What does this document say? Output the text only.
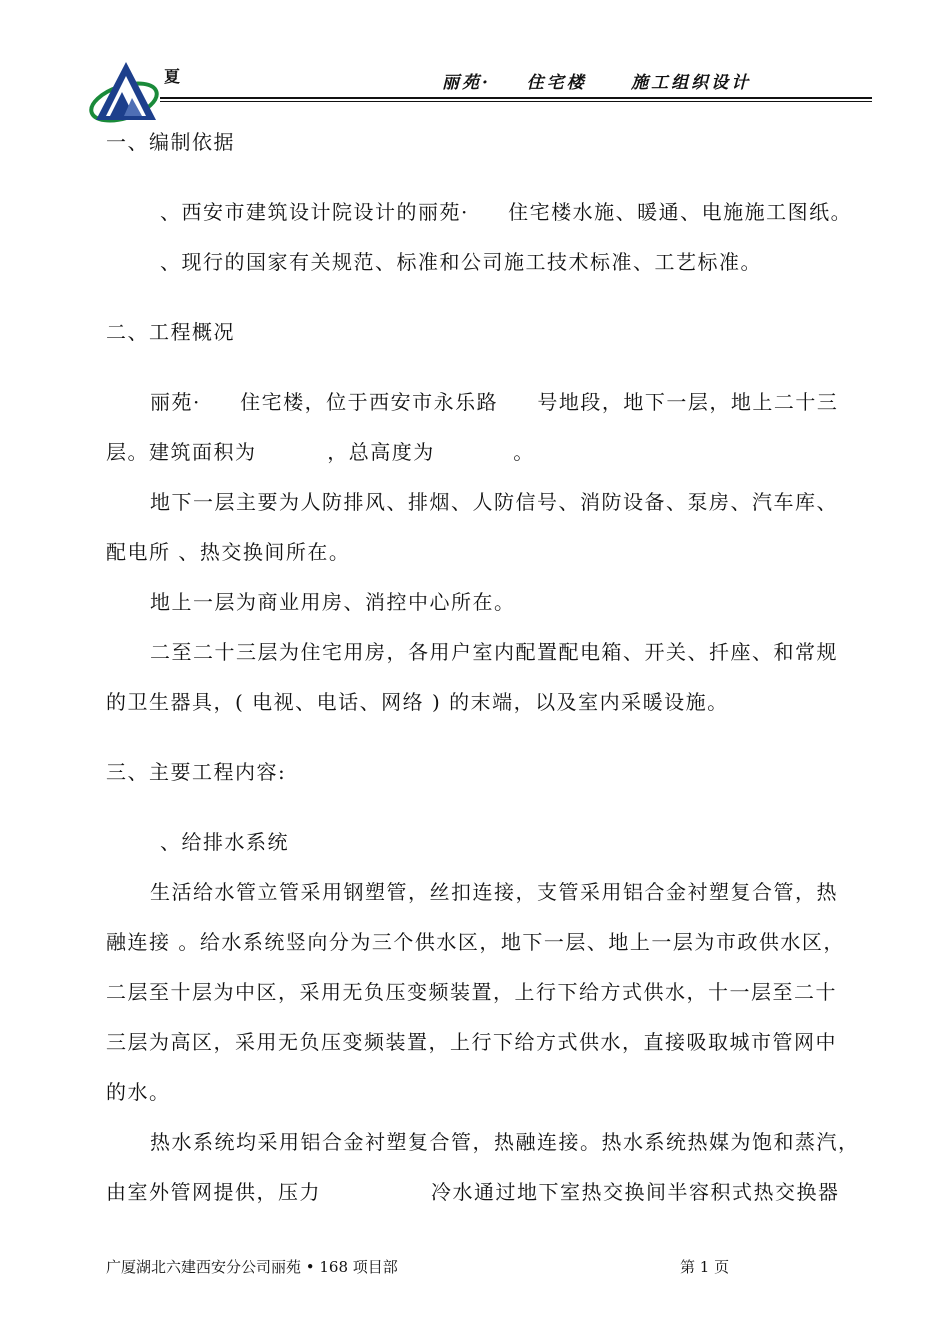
夏	丽苑·    住宅楼     施工组织设计
一、编制依据
、西安市建筑设计院设计的丽苑·     住宅楼水施、暖通、电施施工图纸。
、现行的国家有关规范、标准和公司施工技术标准、工艺标准。
二、工程概况
丽苑·     住宅楼，位于西安市永乐路     号地段，地下一层，地上二十三
层。建筑面积为         ，总高度为          。
地下一层主要为人防排风、排烟、人防信号、消防设备、泵房、汽车库、
配电所 、热交换间所在。
地上一层为商业用房、消控中心所在。
二至二十三层为住宅用房，各用户室内配置配电箱、开关、扦座、和常规
的卫生器具，( 电视、电话、网络 ) 的末端，以及室内采暖设施。
三、主要工程内容:
、给排水系统
生活给水管立管采用钢塑管，丝扣连接，支管采用铝合金衬塑复合管，热
融连接 。给水系统竖向分为三个供水区，地下一层、地上一层为市政供水区，
二层至十层为中区，采用无负压变频装置，上行下给方式供水，十一层至二十
三层为高区，采用无负压变频装置，上行下给方式供水，直接吸取城市管网中
的水。
热水系统均采用铝合金衬塑复合管，热融连接。热水系统热媒为饱和蒸汽，
由室外管网提供，压力              冷水通过地下室热交换间半容积式热交换器
广厦湖北六建西安分公司丽苑 • 168 项目部	第 1 页
